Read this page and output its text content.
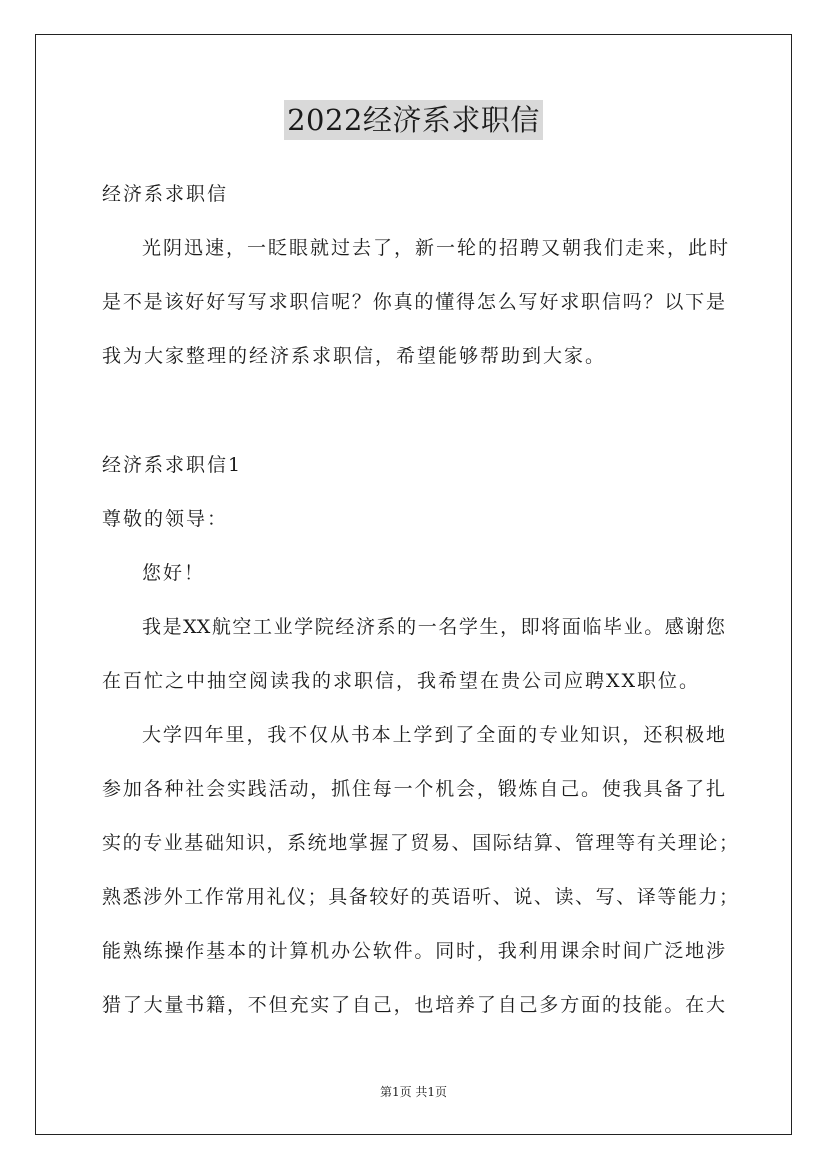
2022经济系求职信
经济系求职信
光阴迅速，一眨眼就过去了，新一轮的招聘又朝我们走来，此时
是不是该好好写写求职信呢？你真的懂得怎么写好求职信吗？以下是
我为大家整理的经济系求职信，希望能够帮助到大家。
经济系求职信1
尊敬的领导：
您好！
我是XX航空工业学院经济系的一名学生，即将面临毕业。感谢您
在百忙之中抽空阅读我的求职信，我希望在贵公司应聘XX职位。
大学四年里，我不仅从书本上学到了全面的专业知识，还积极地
参加各种社会实践活动，抓住每一个机会，锻炼自己。使我具备了扎
实的专业基础知识，系统地掌握了贸易、国际结算、管理等有关理论；
熟悉涉外工作常用礼仪；具备较好的英语听、说、读、写、译等能力；
能熟练操作基本的计算机办公软件。同时，我利用课余时间广泛地涉
猎了大量书籍，不但充实了自己，也培养了自己多方面的技能。在大
第1页 共1页
